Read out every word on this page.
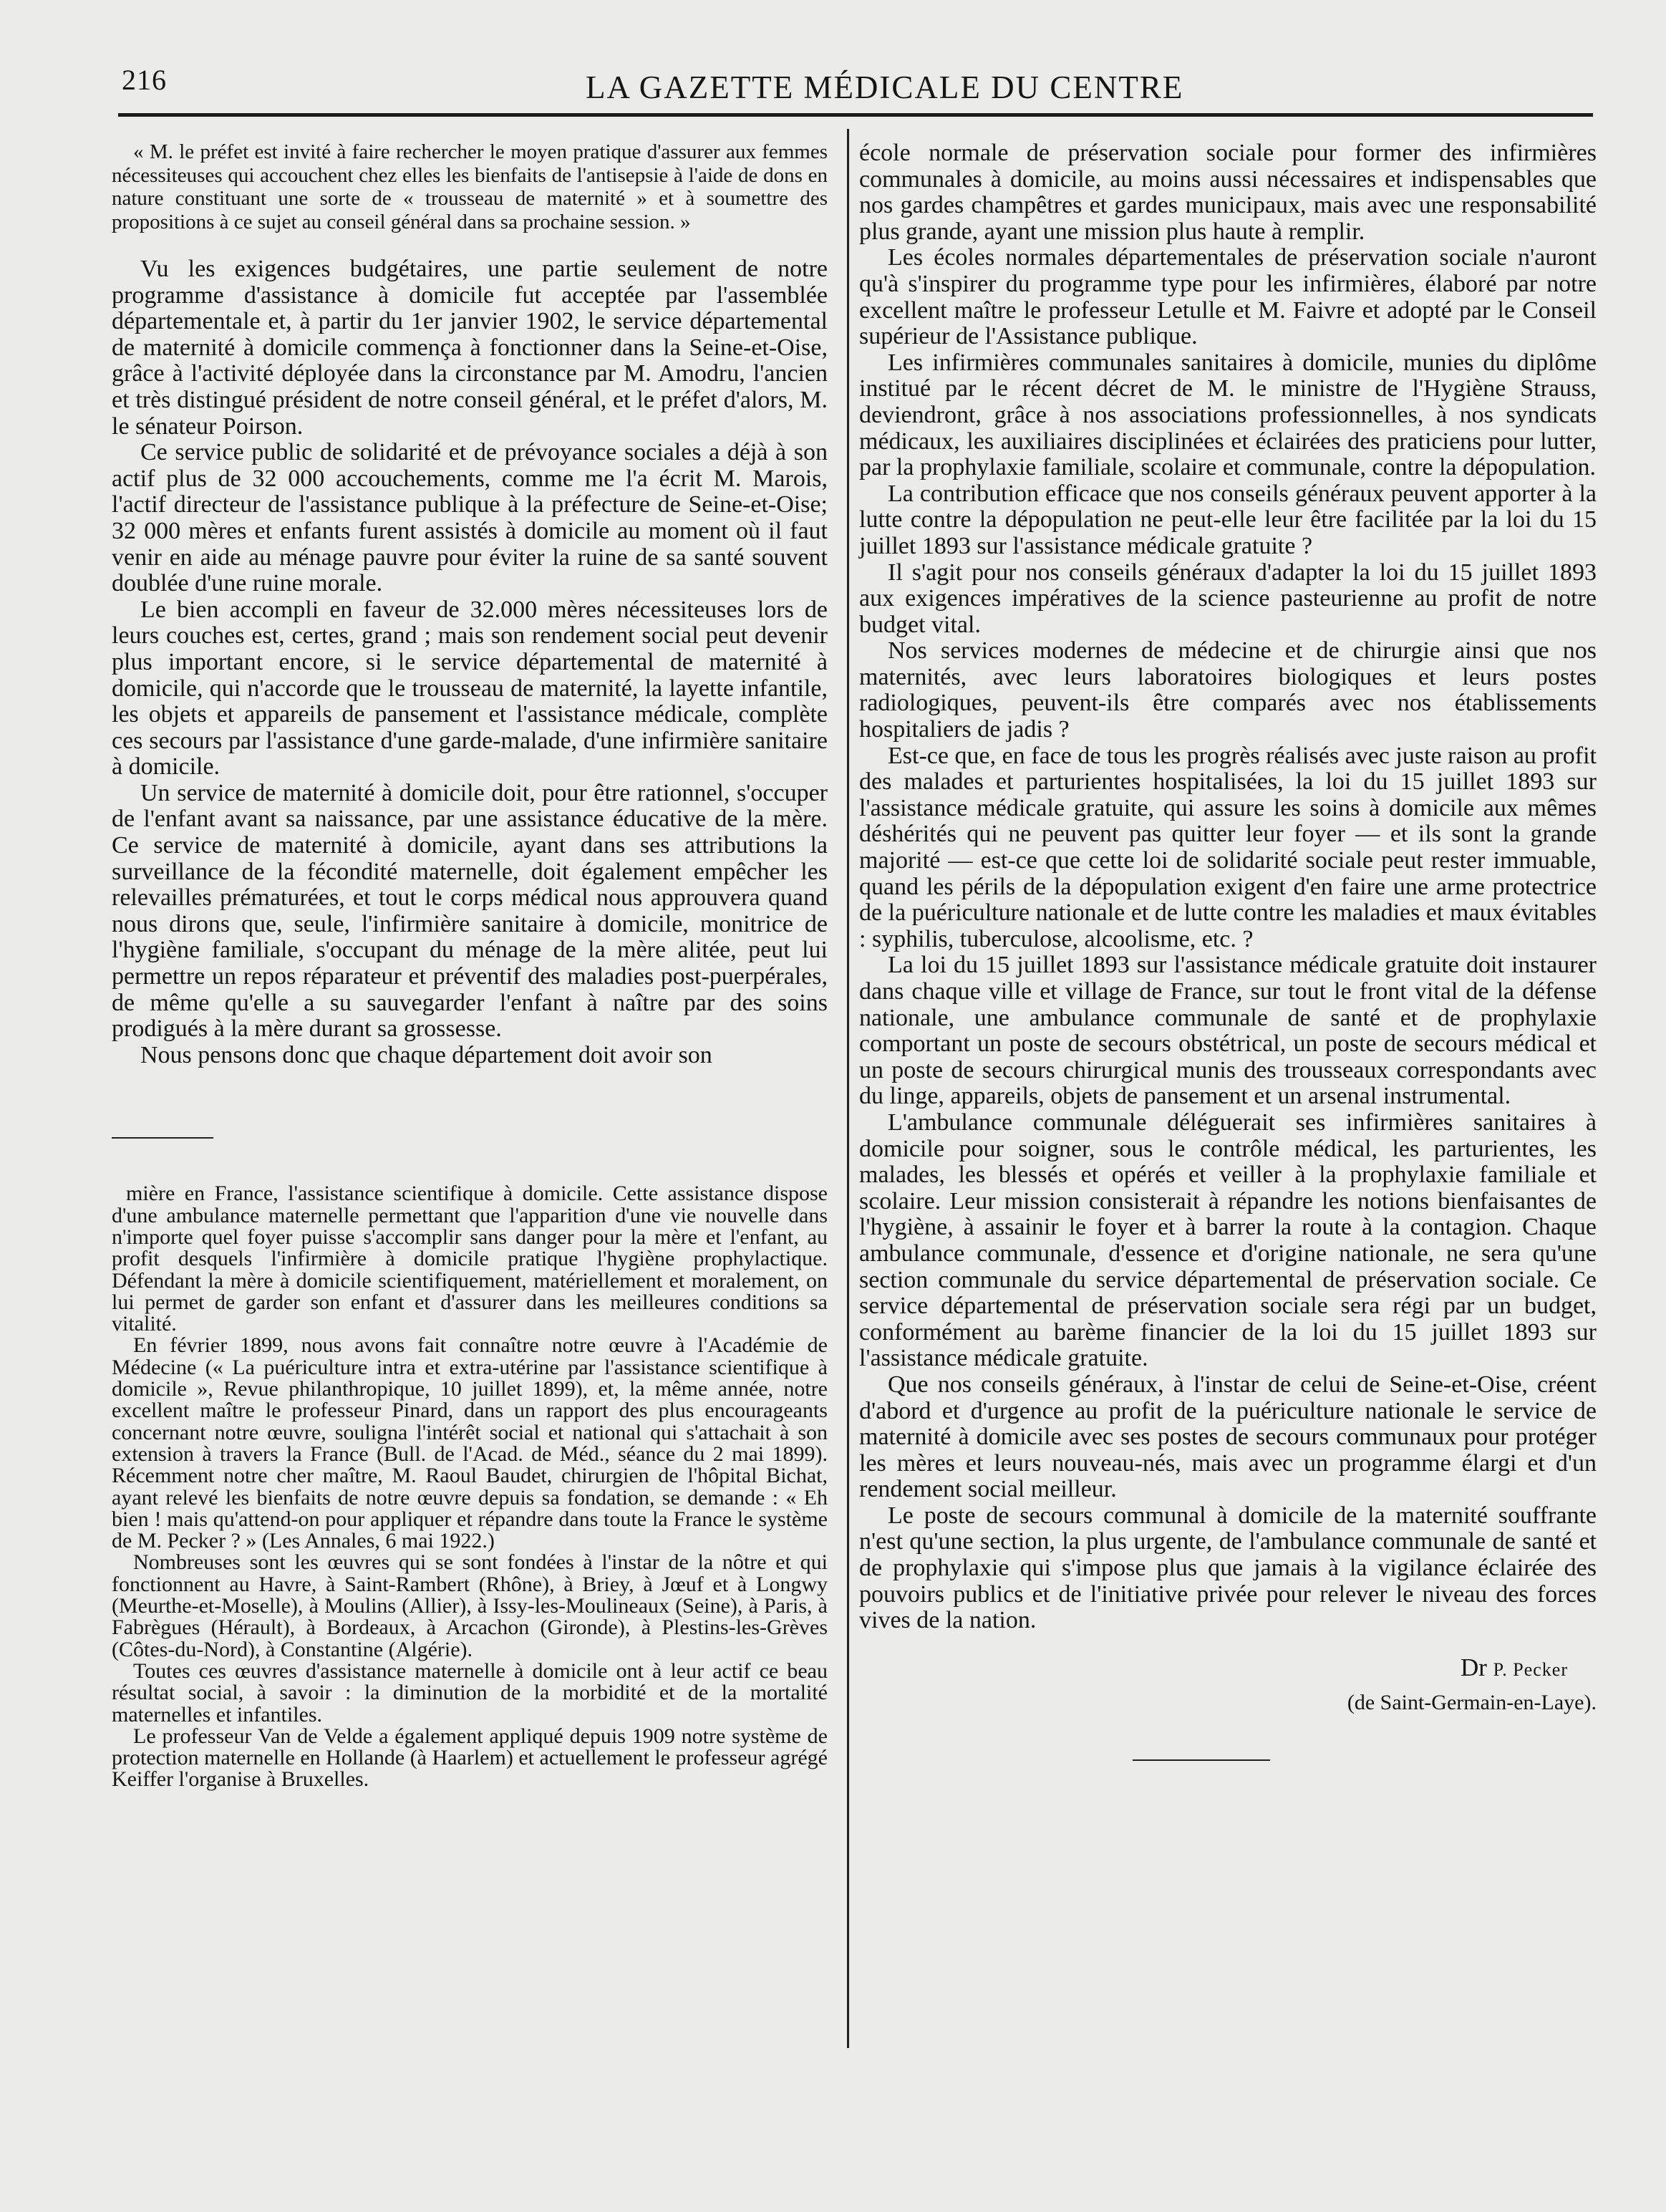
216	LA GAZETTE MÉDICALE DU CENTRE

« M. le préfet est invité à faire rechercher le moyen pratique d'assurer aux femmes nécessiteuses qui accouchent chez elles les bienfaits de l'antisepsie à l'aide de dons en nature constituant une sorte de « trousseau de maternité » et à soumettre des propositions à ce sujet au conseil général dans sa prochaine session. »

Vu les exigences budgétaires, une partie seulement de notre programme d'assistance à domicile fut acceptée par l'assemblée départementale et, à partir du 1er janvier 1902, le service départemental de maternité à domicile commença à fonctionner dans la Seine-et-Oise, grâce à l'activité déployée dans la circonstance par M. Amodru, l'ancien et très distingué président de notre conseil général, et le préfet d'alors, M. le sénateur Poirson.

Ce service public de solidarité et de prévoyance sociales a déjà à son actif plus de 32 000 accouchements, comme me l'a écrit M. Marois, l'actif directeur de l'assistance publique à la préfecture de Seine-et-Oise; 32 000 mères et enfants furent assistés à domicile au moment où il faut venir en aide au ménage pauvre pour éviter la ruine de sa santé souvent doublée d'une ruine morale.

Le bien accompli en faveur de 32.000 mères nécessiteuses lors de leurs couches est, certes, grand ; mais son rendement social peut devenir plus important encore, si le service départemental de maternité à domicile, qui n'accorde que le trousseau de maternité, la layette infantile, les objets et appareils de pansement et l'assistance médicale, complète ces secours par l'assistance d'une garde-malade, d'une infirmière sanitaire à domicile.

Un service de maternité à domicile doit, pour être rationnel, s'occuper de l'enfant avant sa naissance, par une assistance éducative de la mère. Ce service de maternité à domicile, ayant dans ses attributions la surveillance de la fécondité maternelle, doit également empêcher les relevailles prématurées, et tout le corps médical nous approuvera quand nous dirons que, seule, l'infirmière sanitaire à domicile, monitrice de l'hygiène familiale, s'occupant du ménage de la mère alitée, peut lui permettre un repos réparateur et préventif des maladies post-puerpérales, de même qu'elle a su sauvegarder l'enfant à naître par des soins prodigués à la mère durant sa grossesse.

Nous pensons donc que chaque département doit avoir son

mière en France, l'assistance scientifique à domicile. Cette assistance dispose d'une ambulance maternelle permettant que l'apparition d'une vie nouvelle dans n'importe quel foyer puisse s'accomplir sans danger pour la mère et l'enfant, au profit desquels l'infirmière à domicile pratique l'hygiène prophylactique. Défendant la mère à domicile scientifiquement, matériellement et moralement, on lui permet de garder son enfant et d'assurer dans les meilleures conditions sa vitalité.

En février 1899, nous avons fait connaître notre œuvre à l'Académie de Médecine (« La puériculture intra et extra-utérine par l'assistance scientifique à domicile », Revue philanthropique, 10 juillet 1899), et, la même année, notre excellent maître le professeur Pinard, dans un rapport des plus encourageants concernant notre œuvre, souligna l'intérêt social et national qui s'attachait à son extension à travers la France (Bull. de l'Acad. de Méd., séance du 2 mai 1899). Récemment notre cher maître, M. Raoul Baudet, chirurgien de l'hôpital Bichat, ayant relevé les bienfaits de notre œuvre depuis sa fondation, se demande : « Eh bien ! mais qu'attend-on pour appliquer et répandre dans toute la France le système de M. Pecker ? » (Les Annales, 6 mai 1922.)

Nombreuses sont les œuvres qui se sont fondées à l'instar de la nôtre et qui fonctionnent au Havre, à Saint-Rambert (Rhône), à Briey, à Jœuf et à Longwy (Meurthe-et-Moselle), à Moulins (Allier), à Issy-les-Moulineaux (Seine), à Paris, à Fabrègues (Hérault), à Bordeaux, à Arcachon (Gironde), à Plestins-les-Grèves (Côtes-du-Nord), à Constantine (Algérie).

Toutes ces œuvres d'assistance maternelle à domicile ont à leur actif ce beau résultat social, à savoir : la diminution de la morbidité et de la mortalité maternelles et infantiles.

Le professeur Van de Velde a également appliqué depuis 1909 notre système de protection maternelle en Hollande (à Haarlem) et actuellement le professeur agrégé Keiffer l'organise à Bruxelles.

école normale de préservation sociale pour former des infirmières communales à domicile, au moins aussi nécessaires et indispensables que nos gardes champêtres et gardes municipaux, mais avec une responsabilité plus grande, ayant une mission plus haute à remplir.

Les écoles normales départementales de préservation sociale n'auront qu'à s'inspirer du programme type pour les infirmières, élaboré par notre excellent maître le professeur Letulle et M. Faivre et adopté par le Conseil supérieur de l'Assistance publique.

Les infirmières communales sanitaires à domicile, munies du diplôme institué par le récent décret de M. le ministre de l'Hygiène Strauss, deviendront, grâce à nos associations professionnelles, à nos syndicats médicaux, les auxiliaires disciplinées et éclairées des praticiens pour lutter, par la prophylaxie familiale, scolaire et communale, contre la dépopulation.

La contribution efficace que nos conseils généraux peuvent apporter à la lutte contre la dépopulation ne peut-elle leur être facilitée par la loi du 15 juillet 1893 sur l'assistance médicale gratuite ?

Il s'agit pour nos conseils généraux d'adapter la loi du 15 juillet 1893 aux exigences impératives de la science pasteurienne au profit de notre budget vital.

Nos services modernes de médecine et de chirurgie ainsi que nos maternités, avec leurs laboratoires biologiques et leurs postes radiologiques, peuvent-ils être comparés avec nos établissements hospitaliers de jadis ?

Est-ce que, en face de tous les progrès réalisés avec juste raison au profit des malades et parturientes hospitalisées, la loi du 15 juillet 1893 sur l'assistance médicale gratuite, qui assure les soins à domicile aux mêmes déshérités qui ne peuvent pas quitter leur foyer — et ils sont la grande majorité — est-ce que cette loi de solidarité sociale peut rester immuable, quand les périls de la dépopulation exigent d'en faire une arme protectrice de la puériculture nationale et de lutte contre les maladies et maux évitables : syphilis, tuberculose, alcoolisme, etc. ?

La loi du 15 juillet 1893 sur l'assistance médicale gratuite doit instaurer dans chaque ville et village de France, sur tout le front vital de la défense nationale, une ambulance communale de santé et de prophylaxie comportant un poste de secours obstétrical, un poste de secours médical et un poste de secours chirurgical munis des trousseaux correspondants avec du linge, appareils, objets de pansement et un arsenal instrumental.

L'ambulance communale déléguerait ses infirmières sanitaires à domicile pour soigner, sous le contrôle médical, les parturientes, les malades, les blessés et opérés et veiller à la prophylaxie familiale et scolaire. Leur mission consisterait à répandre les notions bienfaisantes de l'hygiène, à assainir le foyer et à barrer la route à la contagion. Chaque ambulance communale, d'essence et d'origine nationale, ne sera qu'une section communale du service départemental de préservation sociale. Ce service départemental de préservation sociale sera régi par un budget, conformément au barème financier de la loi du 15 juillet 1893 sur l'assistance médicale gratuite.

Que nos conseils généraux, à l'instar de celui de Seine-et-Oise, créent d'abord et d'urgence au profit de la puériculture nationale le service de maternité à domicile avec ses postes de secours communaux pour protéger les mères et leurs nouveau-nés, mais avec un programme élargi et d'un rendement social meilleur.

Le poste de secours communal à domicile de la maternité souffrante n'est qu'une section, la plus urgente, de l'ambulance communale de santé et de prophylaxie qui s'impose plus que jamais à la vigilance éclairée des pouvoirs publics et de l'initiative privée pour relever le niveau des forces vives de la nation.

Dr P. Pecker
(de Saint-Germain-en-Laye).
